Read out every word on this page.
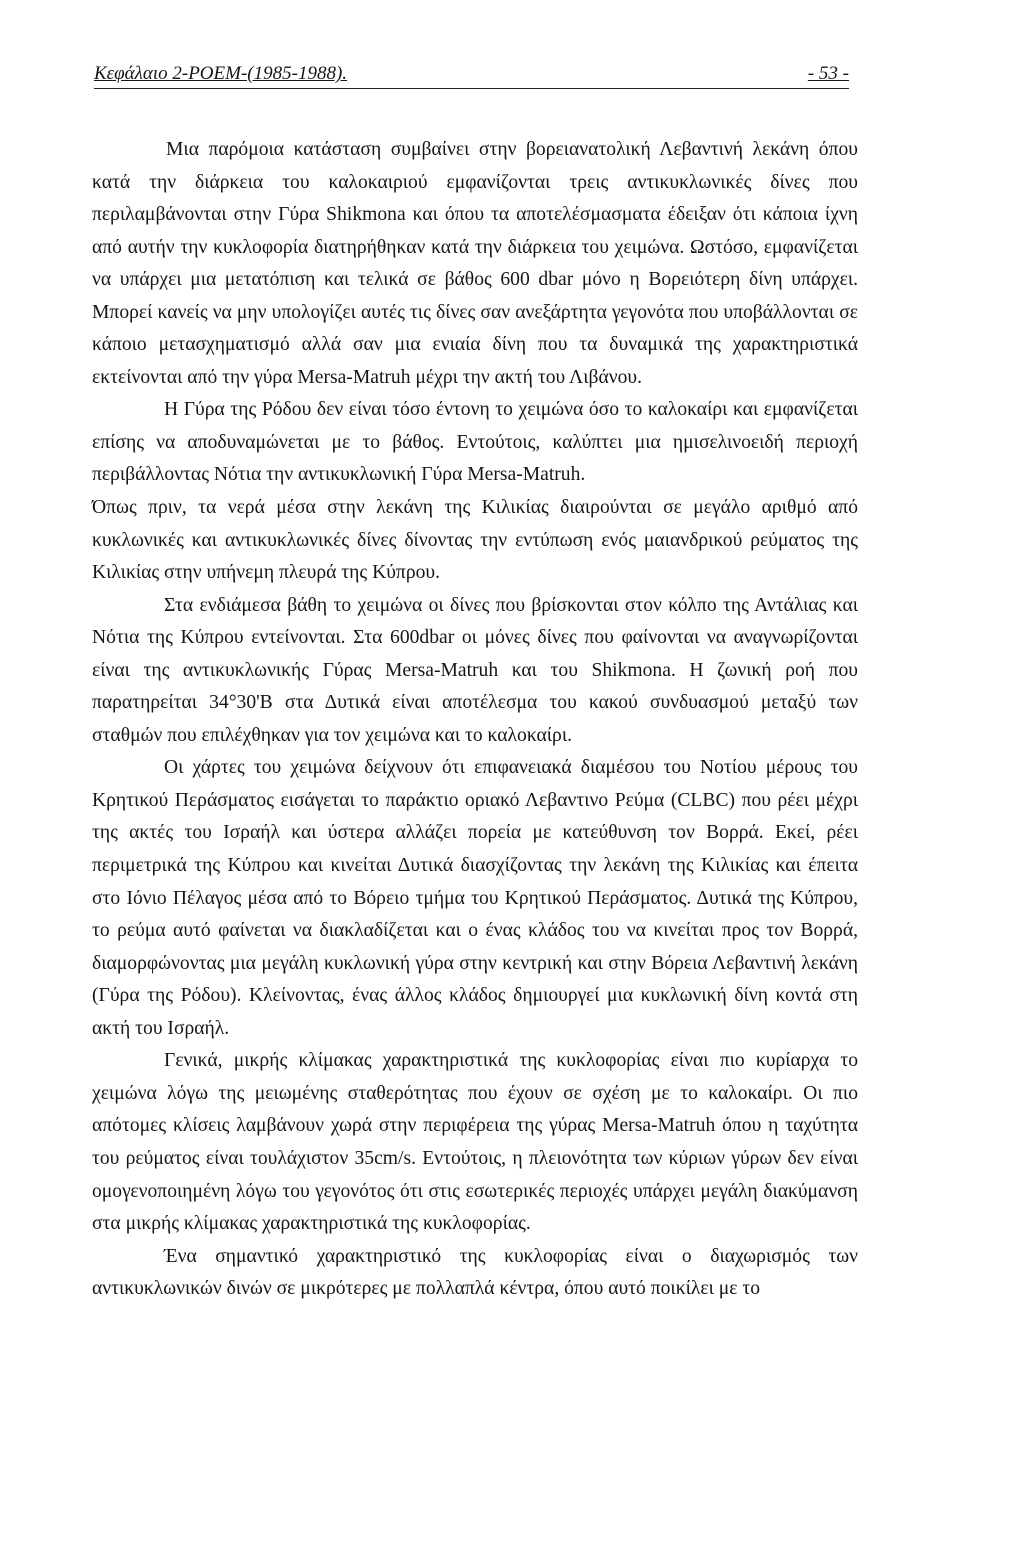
Κεφάλαιο 2-POEM-(1985-1988).	- 53 -

Μια παρόμοια κατάσταση συμβαίνει στην βορειανατολική Λεβαντινή λεκάνη όπου κατά την διάρκεια του καλοκαιριού εμφανίζονται τρεις αντικυκλωνικές δίνες που περιλαμβάνονται στην Γύρα Shikmona και όπου τα αποτελέσμασματα έδειξαν ότι κάποια ίχνη από αυτήν την κυκλοφορία διατηρήθηκαν κατά την διάρκεια του χειμώνα. Ωστόσο, εμφανίζεται να υπάρχει μια μετατόπιση και τελικά σε βάθος 600 dbar μόνο η Βορειότερη δίνη υπάρχει. Μπορεί κανείς να μην υπολογίζει αυτές τις δίνες σαν ανεξάρτητα γεγονότα που υποβάλλονται σε κάποιο μετασχηματισμό αλλά σαν μια ενιαία δίνη που τα δυναμικά της χαρακτηριστικά εκτείνονται από την γύρα Mersa-Matruh μέχρι την ακτή του Λιβάνου.

Η Γύρα της Ρόδου δεν είναι τόσο έντονη το χειμώνα όσο το καλοκαίρι και εμφανίζεται επίσης να αποδυναμώνεται με το βάθος. Εντούτοις, καλύπτει μια ημισελινοειδή περιοχή περιβάλλοντας Νότια την αντικυκλωνική Γύρα Mersa-Matruh.

Όπως πριν, τα νερά μέσα στην λεκάνη της Κιλικίας διαιρούνται σε μεγάλο αριθμό από κυκλωνικές και αντικυκλωνικές δίνες δίνοντας την εντύπωση ενός μαιανδρικού ρεύματος της Κιλικίας στην υπήνεμη πλευρά της Κύπρου.

Στα ενδιάμεσα βάθη το χειμώνα οι δίνες που βρίσκονται στον κόλπο της Αντάλιας και Νότια της Κύπρου εντείνονται. Στα 600dbar οι μόνες δίνες που φαίνονται να αναγνωρίζονται είναι της αντικυκλωνικής Γύρας Mersa-Matruh και του Shikmona. Η ζωνική ροή που παρατηρείται 34°30'Β στα Δυτικά είναι αποτέλεσμα του κακού συνδυασμού μεταξύ των σταθμών που επιλέχθηκαν για τον χειμώνα και το καλοκαίρι.

Οι χάρτες του χειμώνα δείχνουν ότι επιφανειακά διαμέσου του Νοτίου μέρους του Κρητικού Περάσματος εισάγεται το παράκτιο οριακό Λεβαντινο Ρεύμα (CLBC) που ρέει μέχρι της ακτές του Ισραήλ και ύστερα αλλάζει πορεία με κατεύθυνση τον Βορρά. Εκεί, ρέει περιμετρικά της Κύπρου και κινείται Δυτικά διασχίζοντας την λεκάνη της Κιλικίας και έπειτα στο Ιόνιο Πέλαγος μέσα από το Βόρειο τμήμα του Κρητικού Περάσματος. Δυτικά της Κύπρου, το ρεύμα αυτό φαίνεται να διακλαδίζεται και ο ένας κλάδος του να κινείται προς τον Βορρά, διαμορφώνοντας μια μεγάλη κυκλωνική γύρα στην κεντρική και στην Βόρεια Λεβαντινή λεκάνη (Γύρα της Ρόδου). Κλείνοντας, ένας άλλος κλάδος δημιουργεί μια κυκλωνική δίνη κοντά στη ακτή του Ισραήλ.

Γενικά, μικρής κλίμακας χαρακτηριστικά της κυκλοφορίας είναι πιο κυρίαρχα το χειμώνα λόγω της μειωμένης σταθερότητας που έχουν σε σχέση με το καλοκαίρι. Οι πιο απότομες κλίσεις λαμβάνουν χωρά στην περιφέρεια της γύρας Mersa-Matruh όπου η ταχύτητα του ρεύματος είναι τουλάχιστον 35cm/s. Εντούτοις, η πλειονότητα των κύριων γύρων δεν είναι ομογενοποιημένη λόγω του γεγονότος ότι στις εσωτερικές περιοχές υπάρχει μεγάλη διακύμανση στα μικρής κλίμακας χαρακτηριστικά της κυκλοφορίας.

Ένα σημαντικό χαρακτηριστικό της κυκλοφορίας είναι ο διαχωρισμός των αντικυκλωνικών δινών σε μικρότερες με πολλαπλά κέντρα, όπου αυτό ποικίλει με το
